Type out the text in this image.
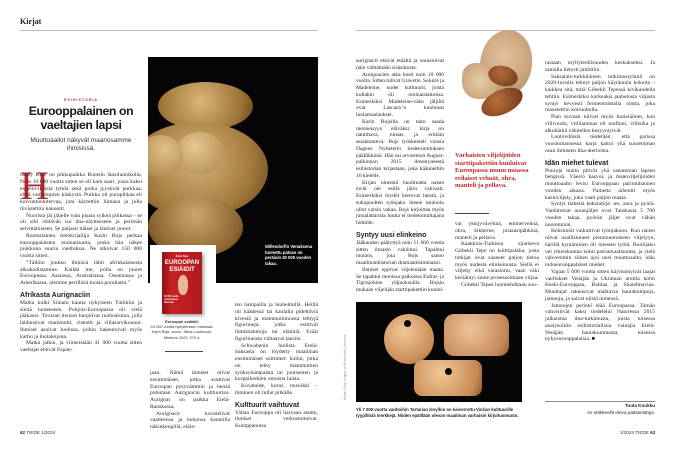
Kirjat
ESIHISTORIA
Eurooppalainen on vaeltajien lapsi
Muuttoaallot näkyvät maanosamme ihmisissä.
H

useby Klev on pikkupaikka Ruotsin länsirannikolla. Noin 10 000 vuotta sitten se oli karu saari, jossa kaksi esiteini-ikäistä tyttöä sekä poika jyystivät purkkaa, ehkä vanhempien käskystä. Purkka oli purupihkaa eli koivuntuohitervaa, jota käytettiin liimana ja jolla tiivistettiin kanootit.

Nuorista jäi jäljelle vain pisara sylkeä pihkassa – se oli silti riittävän iso dna-näytteeseen ja perimän selvittämiseen. Se paljasti itäiset ja läntiset juuret.

Ruotsalainen tietokirjailija Karin Bojs perkaa eurooppalaisten muinaisuutta, jonka hän näkee joukkona suuria vaelluksia. Ne alkoivat 150 000 vuotta sitten.

”Tällöin joukko ihmisiä lähti afrikkalaisesta alkukodistamme. Kaikki me, joilla on juuret Euroopassa, Aasiassa, Australiassa, Oseaniassa ja Amerikassa, olemme perillisiä tuosta porukasta.”

Afrikasta Aurignaciin

Matka kulki Siinain kautta nykyiseen Turkkiin ja sieltä luoteeseen. Pohjois-Euroopassa oli vielä jääkausi. Tovaran tienoot huojuivat ruohoaroina, jolla laidunsivat mammutit, visentit ja villasarvikuonot. Ihmiset asuivat luolissa, joihin hakeutuivat myös karhu ja luolaleijona.

Matka jatkui, ja viimeistään 41 000 vuotta sitten vaeltajat ehtivät Espan-

Willendorfin Venuksena tunnettu patsas on peräisin 30 000 vuoden takaa.
Karin Bojs
EUROOPAN ESIÄIDIT
43 000 vuotta nykyihmisen historiaa
Euroopan esiäidit.
43 000 vuotta nykyihmisen historiaa. Karin Bojs, suom. Jänis Louhivuori, Minerva 2023. 270 s.

jaan. Nämä ihmiset olivat ensimmäiset, jotka asuttivat Euroopan pysyvämmin ja heistä puhutaan Aurignacin kulttuurina. Aurignac on paikka Etelä-Ranskassa.

Aurignacit koristelivat vaatteensa ja kehonsa kauniilla näkinkengillä, eläin-

ten hampailla ja luuhelmillä. Heillä oli käädessä tai kaulalla pidettäviä kivestä ja mammutinluusta tehtyjä figuriineja, jotka esittivät ihmishahmoja tai eläimiä. Eräät figuriineista viittaavat tansiin.

Schwabenin luolista Etelä-Saksasta on löydetty maailman ensimmäiset soittimet: huilut, jotka on tehty mammuttien syöksyhampaista tai joutsenten ja korppikotkien ontoista luista.

Kuvataide, korut, musiikki – ihminen oli tullut pitkälle.

Kulttuurit vaihtuvat

Valtaa Eurooppa oli harvaan asuttu, ihmiset verkostoituivat. Kumppaninsa

62 TIEDE 1/2024

aurignacit etsivät etäältä ja onnistuivat näin välttämään sisäsiitosta.

Aurignacien aika kesti noin 10 000 vuotta. Sitten tulivat Gravette, Solutré ja Madeleine, uudet kulttuurit, joista kullakin oli ominaistaitonsa. Esimerkiksi Madeleine-väen jäljiltä ovat Lascaux’n kuuluisat luolamaalaukset.

Karin Bojsilla on taito saada menneisyys eläväksi: kirja on nautittava, runsas ja erittäin asiantunteva. Bojs työskenteli vuosia Dagens Nyheterin tiedetoimituksen päällikkönä. Hän sai arvostetun August-palkinnon 2015 ilmestyneestä esihistorian kirjastaan, joka käännettiin 16 kielelle.

Kirjan nimestä huolimatta naiset eivät ole esillä järin vahvasti. Esimerkiksi löydöt kertovat heistä, ja sukupuolten työnjako lienee muinoin ollut varsin vakaa. Bojs kirjoittaa myös jumalattarista mutta ei tiedetoimittajana höttöile.

Syntyy uusi elinkeino

Jääkauden päätyttyä noin 11 600 vuotta sitten ilmasto vakiintui. Tapahtui muutos, jota Bojs sanoo maailmanhistorian dramaattisimmaksi.

Ihmiset oppivat viljelemään maata. Se tapahtui monissa paikoissa Eufrat- ja Tigrisjokien yläjuoksuilla. Bojsin mukaan viljelijän starttipakettiin kuului-

Varhaisten viljelijöiden starttipakettiin kuuluivat Euroopassa muun muassa erilaiset vehnät, ohra, manteli ja pellava.

vat yksijyvävehnä, emmervehnä, ohra, kikherne, pistaasipähkinä, manteli ja pellava.

Kaakkois-Turkissa sijaitseva Göbekli Tepe on kulttipaikka, josta tutkijat ovat saaneet paljon tietoa myös uudesta elinkeinosta. Siellä ei viljelty eikä varastoitu, vaan väki kerääntyi sinne prosessoimaan viljaa.

Göbekli Tepeä luonnehditaan suo-

rastaan myllyteollisuuden keskukseksi. Ja samalla tietysti juhlittiin.

Saksalais-turkkilainen tutkimusryhmä on 2020-luvulla tehnyt paljon käytännön kokeita – kaikkea sitä, mitä Göbekli Tepessä kivikaudella tehtiin. Esimerkiksi karkeaksi jauhetusta viljasta syntyi kevyesti fermentoimalla olutta, joka maustettiin koiruoholla.

Pian kuvaan tulivat myös kotieläimet, kun villivuohi, villilammas eli mufloni, villisika ja alkuhärkä vähitellen kesyyntyivät.

Luulöydöistä tiedetään, että parissa vuosituhannessa karja kattoi yhä suuremman osan ihmisten liha-aterioista.

Idän miehet tulevat

Puuroja maito pitivät yhä useamman lapsen hengissä. Väestö kasvoi, ja maanviljelijöiden muuttoaalto levisi Eurooppaan parintuhannen vuoden aikana. Painetta aiheutti myös kaskiviljely, joka vaati paljon maata.

Syntyi tärkeitä keksintöjä: ies, aura ja pyörä. Vanhimmat auranjäljet ovat Tanskasta 5 700 vuoden takaa, pyörän jäljet ovat vähän nuoremmat.

Keksinnöt vaikuttivat työnjakoon. Kun naiset olivat osallistuneet pienimuotoiseen viljelyyn, härillä kyntäminen oli miesten työtä. Roolijako vei yhteiskuntaa kohti patriarkaalisuutta, ja vielä vahvemmin siihen ajoi uusi muuttoaalto, idän indoeurooppalaiset miehet.

Vajaat 5 000 vuotta sitten käynnistyivät laajat vaellukset Venäjän ja Ukrainan aroilta kohti Keski-Eurooppaa, Baltiaa ja Skandinaviaa. Muuttajat rakensivat mahtavia hautakumpuja, jamnoja, ja saivat niistä nimensä.

Jamnojen perintö elää Euroopassa. Tämän vahvistivat kaksi tiedelehti Naturessa 2015 julkaistua dna-tutkimusta, joista toisessa analysoitiin esihistoriallisia vainajia Etelä-Venäjän hautakummusta, toisessa nykyeurooppalaisia. ■

Tuula Koukku
on eläkkeellä oleva päätoimittaja.
Kuvat: Getty Images ja Wikimedia Commons
Yli 7 000 vuotta vanhoihin Tartarian levyihin on kaiverrettu Vinčan kulttuurille tyypillisiä merkkejä. Niiden epäillään olevan maailman varhaisin kirjoitusmuoto.
1/2024 TIEDE 63
